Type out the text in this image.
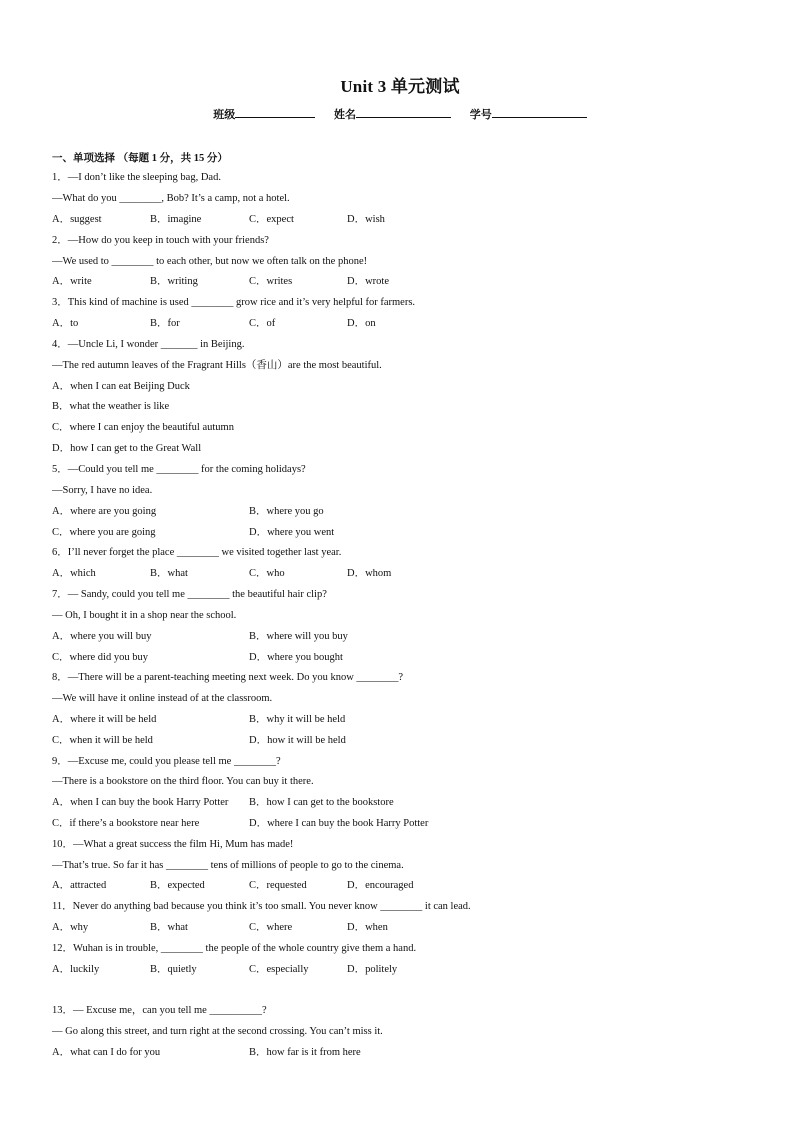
Unit 3 单元测试
班级	姓名	学号
一、单项选择 （每题 1 分，共 15 分）
1．—I don’t like the sleeping bag, Dad.
—What do you ________, Bob? It’s a camp, not a hotel.
A．suggest	B．imagine	C．expect	D．wish
2．—How do you keep in touch with your friends?
—We used to ________ to each other, but now we often talk on the phone!
A．write	B．writing	C．writes	D．wrote
3．This kind of machine is used ________ grow rice and it’s very helpful for farmers.
A．to	B．for	C．of	D．on
4．—Uncle Li, I wonder _______ in Beijing.
—The red autumn leaves of the Fragrant Hills（香山）are the most beautiful.
A．when I can eat Beijing Duck
B．what the weather is like
C．where I can enjoy the beautiful autumn
D．how I can get to the Great Wall
5．—Could you tell me ________ for the coming holidays?
—Sorry, I have no idea.
A．where are you going	B．where you go
C．where you are going	D．where you went
6．I’ll never forget the place ________ we visited together last year.
A．which	B．what	C．who	D．whom
7．— Sandy, could you tell me ________ the beautiful hair clip?
— Oh, I bought it in a shop near the school.
A．where you will buy	B．where will you buy
C．where did you buy	D．where you bought
8．—There will be a parent-teaching meeting next week. Do you know ________?
—We will have it online instead of at the classroom.
A．where it will be held	B．why it will be held
C．when it will be held	D．how it will be held
9．—Excuse me, could you please tell me ________?
—There is a bookstore on the third floor. You can buy it there.
A．when I can buy the book Harry Potter B．how I can get to the bookstore
C．if there’s a bookstore near here	D．where I can buy the book Harry Potter
10．—What a great success the film Hi, Mum has made!
—That’s true. So far it has ________ tens of millions of people to go to the cinema.
A．attracted	B．expected	C．requested	D．encouraged
11．Never do anything bad because you think it’s too small. You never know ________ it can lead.
A．why	B．what	C．where	D．when
12．Wuhan is in trouble, ________ the people of the whole country give them a hand.
A．luckily	B．quietly	C．especially	D．politely
13．— Excuse me，can you tell me __________?
— Go along this street, and turn right at the second crossing. You can’t miss it.
A．what can I do for you	B．how far is it from here
